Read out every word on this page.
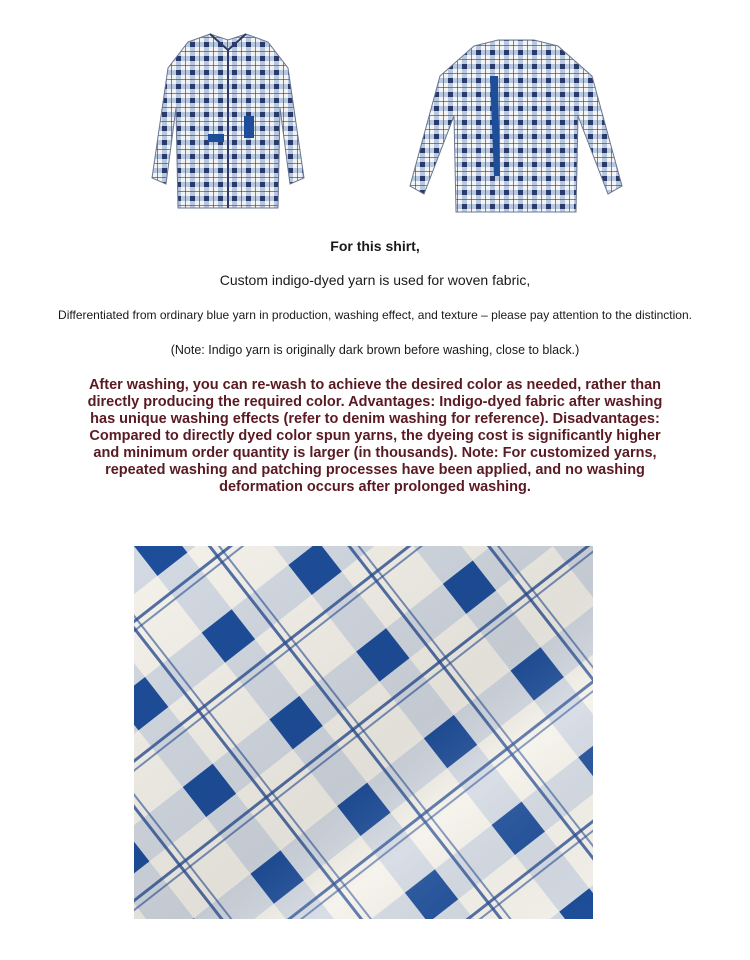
For this shirt,
Custom indigo-dyed yarn is used for woven fabric,
Differentiated from ordinary blue yarn in production, washing effect, and texture – please pay attention to the distinction.
(Note: Indigo yarn is originally dark brown before washing, close to black.)
After washing, you can re-wash to achieve the desired color as needed, rather than directly producing the required color. Advantages: Indigo-dyed fabric after washing has unique washing effects (refer to denim washing for reference). Disadvantages: Compared to directly dyed color spun yarns, the dyeing cost is significantly higher and minimum order quantity is larger (in thousands). Note: For customized yarns, repeated washing and patching processes have been applied, and no washing deformation occurs after prolonged washing.
